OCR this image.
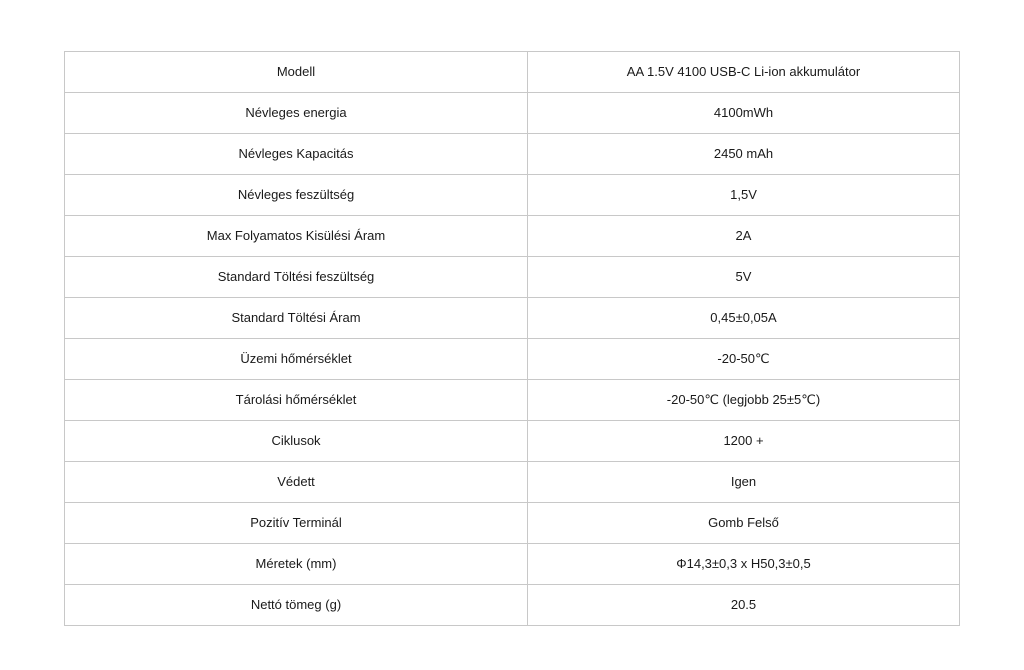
Modell	AA 1.5V 4100 USB-C Li-ion akkumulátor
Névleges energia	4100mWh
Névleges Kapacitás	2450 mAh
Névleges feszültség	1,5V
Max Folyamatos Kisülési Áram	2A
Standard Töltési feszültség	5V
Standard Töltési Áram	0,45±0,05A
Üzemi hőmérséklet	-20-50℃
Tárolási hőmérséklet	-20-50℃ (legjobb 25±5℃)
Ciklusok	1200 +
Védett	Igen
Pozitív Terminál	Gomb Felső
Méretek (mm)	Φ14,3±0,3 x H50,3±0,5
Nettó tömeg (g)	20.5
